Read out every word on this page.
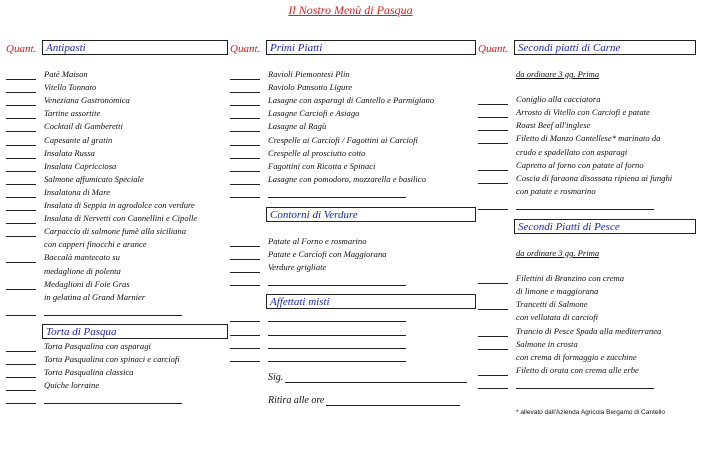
Il Nostro Menù di Pasqua
Quant. Antipasti
Patè Maison
Vitello Tonnato
Veneziana Gastronomica
Tartine assortite
Cocktail di Gamberetti
Capesante al gratin
Insalata Russa
Insalata Capricciosa
Salmone affumicato Speciale
Insalatona di Mare
Insalata di Seppia in agrodolce con verdure
Insalata di Nervetti con Cannellini e Cipolle
Carpaccio di salmone fumè alla siciliana
con capperi finocchi e arance
Baccalà mantecato su
medaglione di polenta
Medaglioni di Foie Gras
in gelatina al Grand Marnier
Torta di Pasqua
Torta Pasqualina con asparagi
Torta Pasqualina con spinaci e carciofi
Torta Pasqualina classica
Quiche lorraine
Quant. Primi Piatti
Ravioli Piemontesi Plin
Raviolo Pansotto Ligure
Lasagne con asparagi di Cantello e Parmigiano
Lasagne Carciofi e Asiago
Lasagne al Ragù
Crespelle ai Carciofi / Fagottini ai Carciofi
Crespelle al prosciutto cotto
Fagottini con Ricotta e Spinaci
Lasagne con pomodoro, mozzarella e basilico
Contorni di Verdure
Patate al Forno e rosmarino
Patate e Carciofi con Maggiorana
Verdure grigliate
Affettati misti
Sig.
Ritira alle ore
Quant. Secondi piatti di Carne
da ordinare 3 gg. Prima
Coniglio alla cacciatora
Arrosto di Vitello con Carciofi e patate
Roast Beef all'inglese
Filetto di Manzo Cantellese* marinato da
crudo e spadellato con asparagi
Capretto al forno con patate al forno
Coscia di faraona disossata ripiena ai funghi
con patate e rosmarino
Secondi Piatti di Pesce
da ordinare 3 gg. Prima
Filettini di Branzino con crema
di limone e maggiorana
Trancetti di Salmone
con vellutata di carciofi
Trancio di Pesce Spada alla mediterranea
Salmone in crosta
con crema di formaggio e zucchine
Filetto di orata con crema alle erbe
* allevato dall'Azienda Agricola Bergamo di Cantello
